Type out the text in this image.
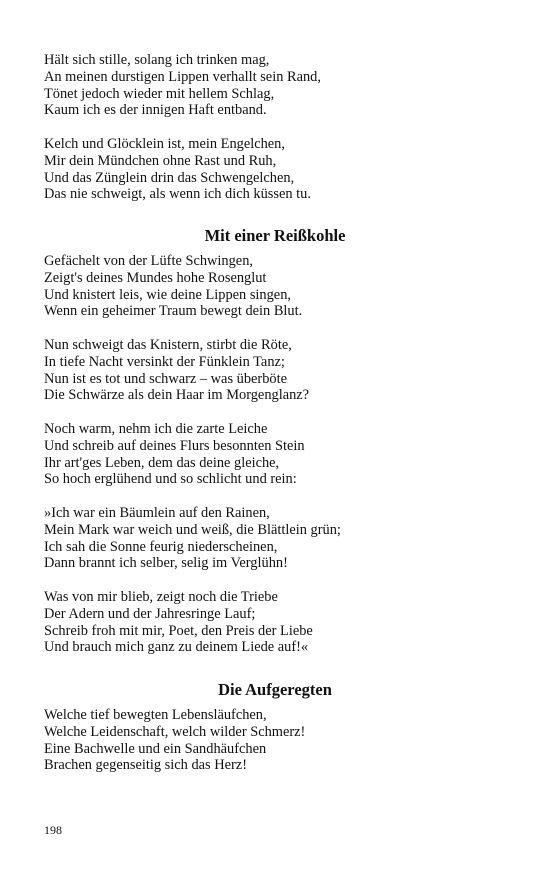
Hält sich stille, solang ich trinken mag,
An meinen durstigen Lippen verhallt sein Rand,
Tönet jedoch wieder mit hellem Schlag,
Kaum ich es der innigen Haft entband.
Kelch und Glöcklein ist, mein Engelchen,
Mir dein Mündchen ohne Rast und Ruh,
Und das Zünglein drin das Schwengelchen,
Das nie schweigt, als wenn ich dich küssen tu.
Mit einer Reißkohle
Gefächelt von der Lüfte Schwingen,
Zeigt's deines Mundes hohe Rosenglut
Und knistert leis, wie deine Lippen singen,
Wenn ein geheimer Traum bewegt dein Blut.
Nun schweigt das Knistern, stirbt die Röte,
In tiefe Nacht versinkt der Fünklein Tanz;
Nun ist es tot und schwarz – was überböte
Die Schwärze als dein Haar im Morgenglanz?
Noch warm, nehm ich die zarte Leiche
Und schreib auf deines Flurs besonnten Stein
Ihr art'ges Leben, dem das deine gleiche,
So hoch erglühend und so schlicht und rein:
»Ich war ein Bäumlein auf den Rainen,
Mein Mark war weich und weiß, die Blättlein grün;
Ich sah die Sonne feurig niederscheinen,
Dann brannt ich selber, selig im Verglühn!
Was von mir blieb, zeigt noch die Triebe
Der Adern und der Jahresringe Lauf;
Schreib froh mit mir, Poet, den Preis der Liebe
Und brauch mich ganz zu deinem Liede auf!«
Die Aufgeregten
Welche tief bewegten Lebensläufchen,
Welche Leidenschaft, welch wilder Schmerz!
Eine Bachwelle und ein Sandhäufchen
Brachen gegenseitig sich das Herz!
198
